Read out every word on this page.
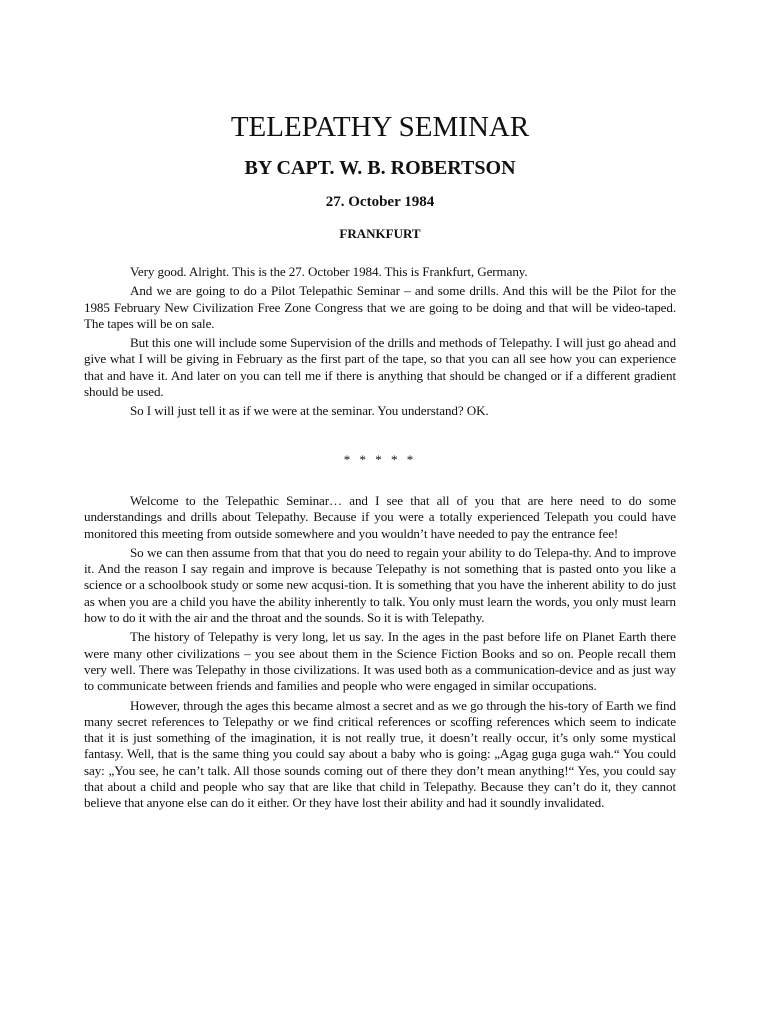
TELEPATHY SEMINAR
BY CAPT. W. B. ROBERTSON
27. October 1984
FRANKFURT

Very good. Alright. This is the 27. October 1984. This is Frankfurt, Germany.

And we are going to do a Pilot Telepathic Seminar – and some drills. And this will be the Pilot for the 1985 February New Civilization Free Zone Congress that we are going to be doing and that will be video-taped. The tapes will be on sale.

But this one will include some Supervision of the drills and methods of Telepathy. I will just go ahead and give what I will be giving in February as the first part of the tape, so that you can all see how you can experience that and have it. And later on you can tell me if there is anything that should be changed or if a different gradient should be used.

So I will just tell it as if we were at the seminar. You understand? OK.

* * * * *

Welcome to the Telepathic Seminar… and I see that all of you that are here need to do some understandings and drills about Telepathy. Because if you were a totally experienced Telepath you could have monitored this meeting from outside somewhere and you wouldn’t have needed to pay the entrance fee!

So we can then assume from that that you do need to regain your ability to do Telepa-thy. And to improve it. And the reason I say regain and improve is because Telepathy is not something that is pasted onto you like a science or a schoolbook study or some new acqusi-tion. It is something that you have the inherent ability to do just as when you are a child you have the ability inherently to talk. You only must learn the words, you only must learn how to do it with the air and the throat and the sounds. So it is with Telepathy.

The history of Telepathy is very long, let us say. In the ages in the past before life on Planet Earth there were many other civilizations – you see about them in the Science Fiction Books and so on. People recall them very well. There was Telepathy in those civilizations. It was used both as a communication-device and as just way to communicate between friends and families and people who were engaged in similar occupations.

However, through the ages this became almost a secret and as we go through the his-tory of Earth we find many secret references to Telepathy or we find critical references or scoffing references which seem to indicate that it is just something of the imagination, it is not really true, it doesn’t really occur, it’s only some mystical fantasy. Well, that is the same thing you could say about a baby who is going: „Agag guga guga wah.“ You could say: „You see, he can’t talk. All those sounds coming out of there they don’t mean anything!“ Yes, you could say that about a child and people who say that are like that child in Telepathy. Because they can’t do it, they cannot believe that anyone else can do it either. Or they have lost their ability and had it soundly invalidated.
